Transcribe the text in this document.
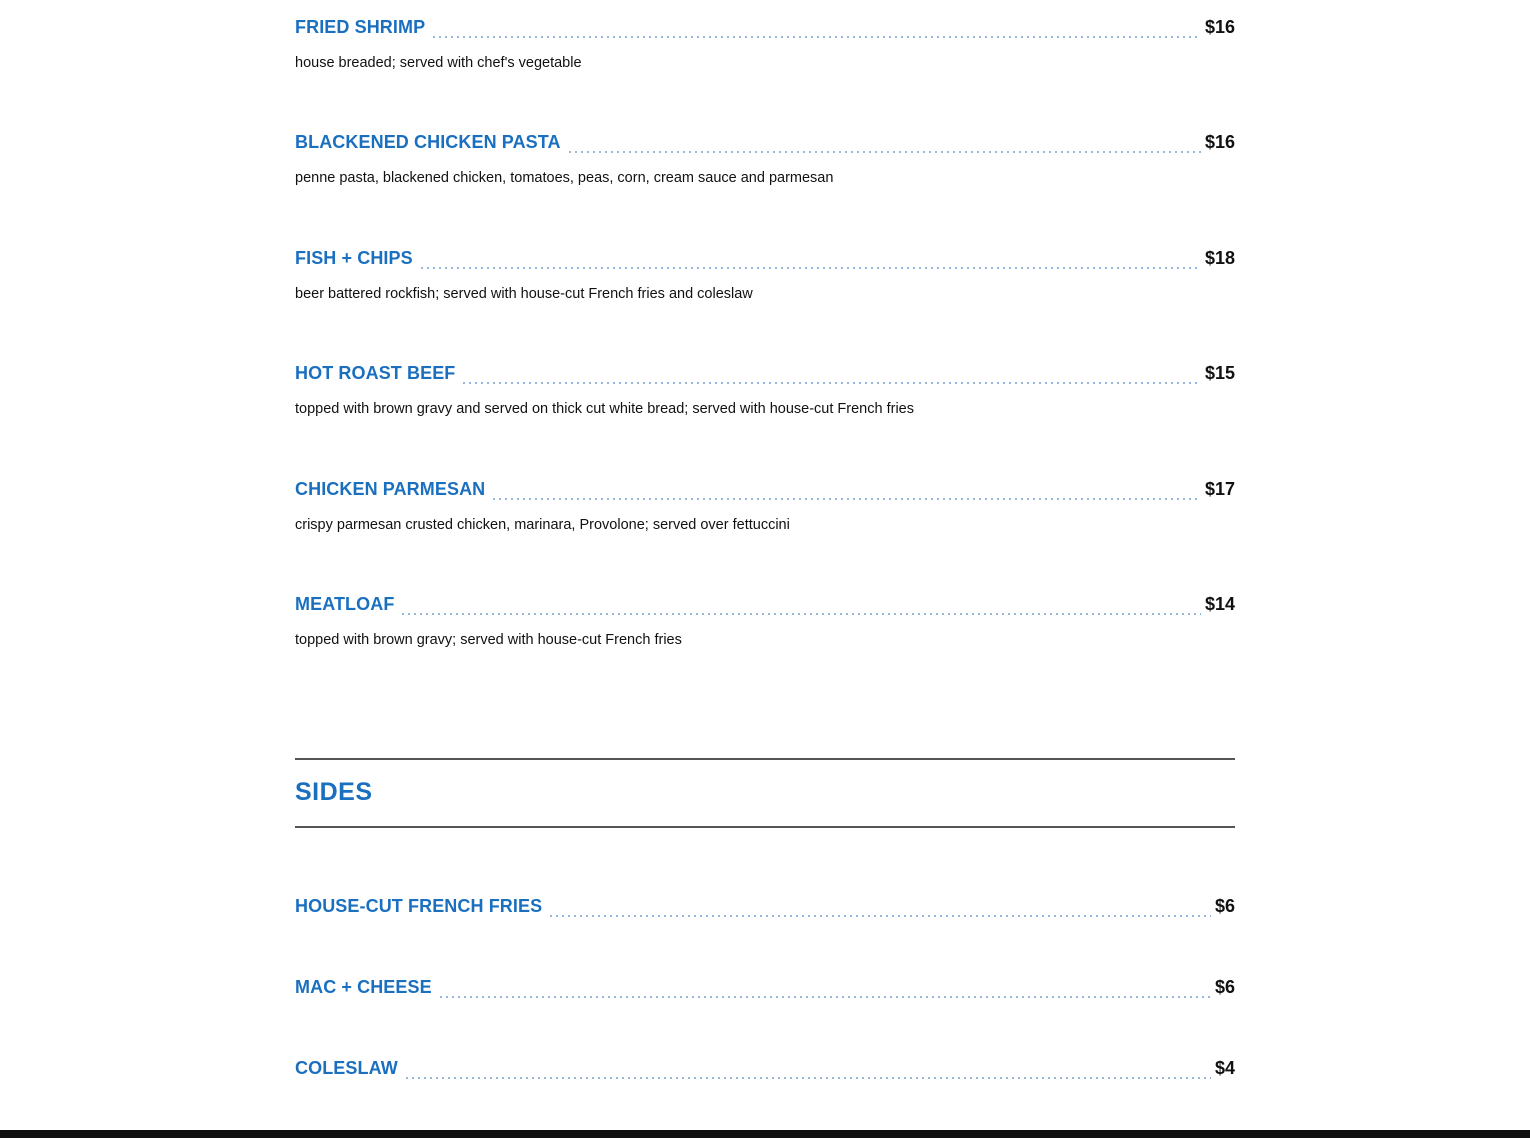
FRIED SHRIMP	$16
house breaded; served with chef's vegetable
BLACKENED CHICKEN PASTA	$16
penne pasta, blackened chicken, tomatoes, peas, corn, cream sauce and parmesan
FISH + CHIPS	$18
beer battered rockfish; served with house-cut French fries and coleslaw
HOT ROAST BEEF	$15
topped with brown gravy and served on thick cut white bread; served with house-cut French fries
CHICKEN PARMESAN	$17
crispy parmesan crusted chicken, marinara, Provolone; served over fettuccini
MEATLOAF	$14
topped with brown gravy; served with house-cut French fries
SIDES
HOUSE-CUT FRENCH FRIES	$6
MAC + CHEESE	$6
COLESLAW	$4
